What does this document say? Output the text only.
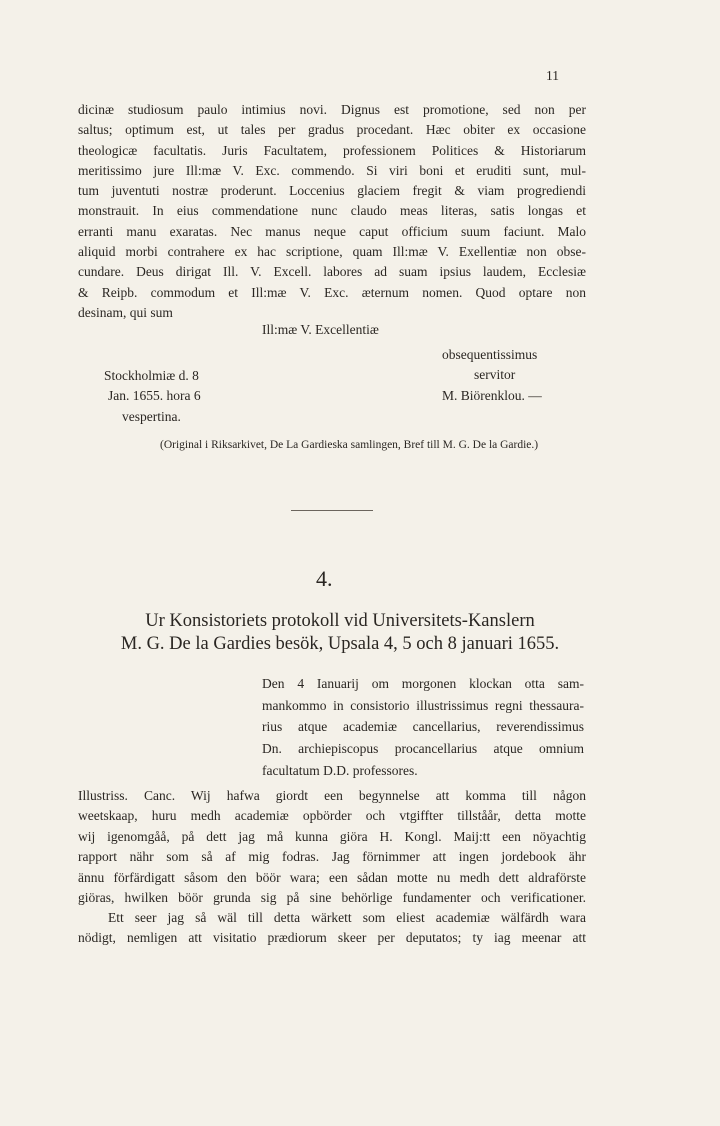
11
dicinæ studiosum paulo intimius novi. Dignus est promotione, sed non per
saltus; optimum est, ut tales per gradus procedant. Hæc obiter ex occasione
theologicæ facultatis. Juris Facultatem, professionem Politices & Historiarum
meritissimo jure Ill:mæ V. Exc. commendo. Si viri boni et eruditi sunt, mul-
tum juventuti nostræ proderunt. Loccenius glaciem fregit & viam progrediendi
monstrauit. In eius commendatione nunc claudo meas literas, satis longas et
erranti manu exaratas. Nec manus neque caput officium suum faciunt. Malo
aliquid morbi contrahere ex hac scriptione, quam Ill:mæ V. Exellentiæ non obse-
cundare. Deus dirigat Ill. V. Excell. labores ad suam ipsius laudem, Ecclesiæ
& Reipb. commodum et Ill:mæ V. Exc. æternum nomen. Quod optare non
desinam, qui sum
Ill:mæ V. Excellentiæ
Stockholmiæ d. 8
Jan. 1655. hora 6
vespertina.
obsequentissimus
servitor
M. Biörenklou. —
(Original i Riksarkivet, De La Gardieska samlingen, Bref till M. G. De la Gardie.)
4.
Ur Konsistoriets protokoll vid Universitets-Kanslern
M. G. De la Gardies besök, Upsala 4, 5 och 8 januari 1655.
Den 4 Ianuarij om morgonen klockan otta sam-
mankommo in consistorio illustrissimus regni thessaura-
rius atque academiæ cancellarius, reverendissimus
Dn. archiepiscopus procancellarius atque omnium
facultatum D.D. professores.
Illustriss. Canc. Wij hafwa giordt een begynnelse att komma till någon
weetskaap, huru medh academiæ opbörder och vtgiffter tillståår, detta motte
wij igenomgåå, på dett jag må kunna giöra H. Kongl. Maij:tt een nöyachtig
rapport nähr som så af mig fodras. Jag förnimmer att ingen jordebook ähr
ännu förfärdigatt såsom den böör wara; een sådan motte nu medh dett aldraförste
giöras, hwilken böör grunda sig på sine behörlige fundamenter och verificationer.
Ett seer jag så wäl till detta wärkett som eliest academiæ wälfärdh wara
nödigt, nemligen att visitatio prædiorum skeer per deputatos; ty iag meenar att
